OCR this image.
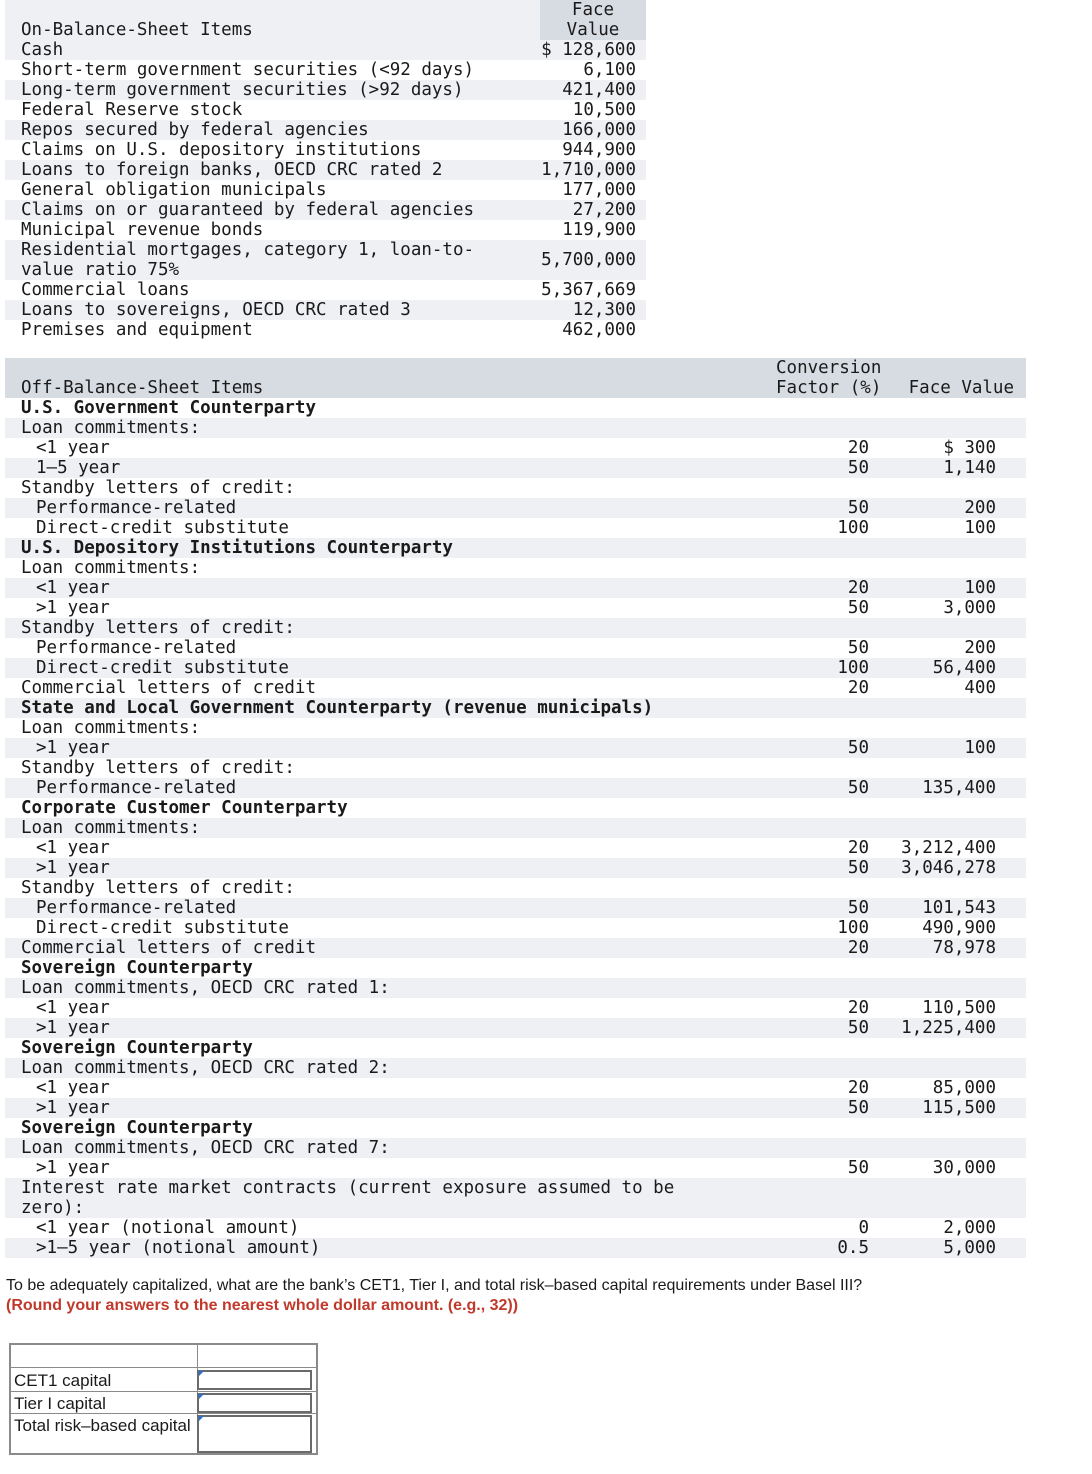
Face
Value
On-Balance-Sheet Items
Cash	$ 128,600
Short-term government securities (<92 days)	6,100
Long-term government securities (>92 days)	421,400
Federal Reserve stock	10,500
Repos secured by federal agencies	166,000
Claims on U.S. depository institutions	944,900
Loans to foreign banks, OECD CRC rated 2	1,710,000
General obligation municipals	177,000
Claims on or guaranteed by federal agencies	27,200
Municipal revenue bonds	119,900
Residential mortgages, category 1, loan-to-value ratio 75%	5,700,000
Commercial loans	5,367,669
Loans to sovereigns, OECD CRC rated 3	12,300
Premises and equipment	462,000
Off-Balance-Sheet Items
Conversion
Factor (%) Face Value
U.S. Government Counterparty
Loan commitments:
<1 year	20	$ 300
1–5 year	50	1,140
Standby letters of credit:
Performance-related	50	200
Direct-credit substitute	100	100
U.S. Depository Institutions Counterparty
Loan commitments:
<1 year	20	100
>1 year	50	3,000
Standby letters of credit:
Performance-related	50	200
Direct-credit substitute	100	56,400
Commercial letters of credit	20	400
State and Local Government Counterparty (revenue municipals)
Loan commitments:
>1 year	50	100
Standby letters of credit:
Performance-related	50	135,400
Corporate Customer Counterparty
Loan commitments:
<1 year	20 3,212,400
>1 year	50 3,046,278
Standby letters of credit:
Performance-related	50	101,543
Direct-credit substitute	100	490,900
Commercial letters of credit	20	78,978
Sovereign Counterparty
Loan commitments, OECD CRC rated 1:
<1 year	20	110,500
>1 year	50 1,225,400
Sovereign Counterparty
Loan commitments, OECD CRC rated 2:
<1 year	20	85,000
>1 year	50	115,500
Sovereign Counterparty
Loan commitments, OECD CRC rated 7:
>1 year	50	30,000
Interest rate market contracts (current exposure assumed to be zero):
<1 year (notional amount)	0	2,000
>1–5 year (notional amount)	0.5	5,000
To be adequately capitalized, what are the bank’s CET1, Tier I, and total risk–based capital requirements under Basel III?
(Round your answers to the nearest whole dollar amount. (e.g., 32))
CET1 capital
Tier I capital
Total risk–based capital
